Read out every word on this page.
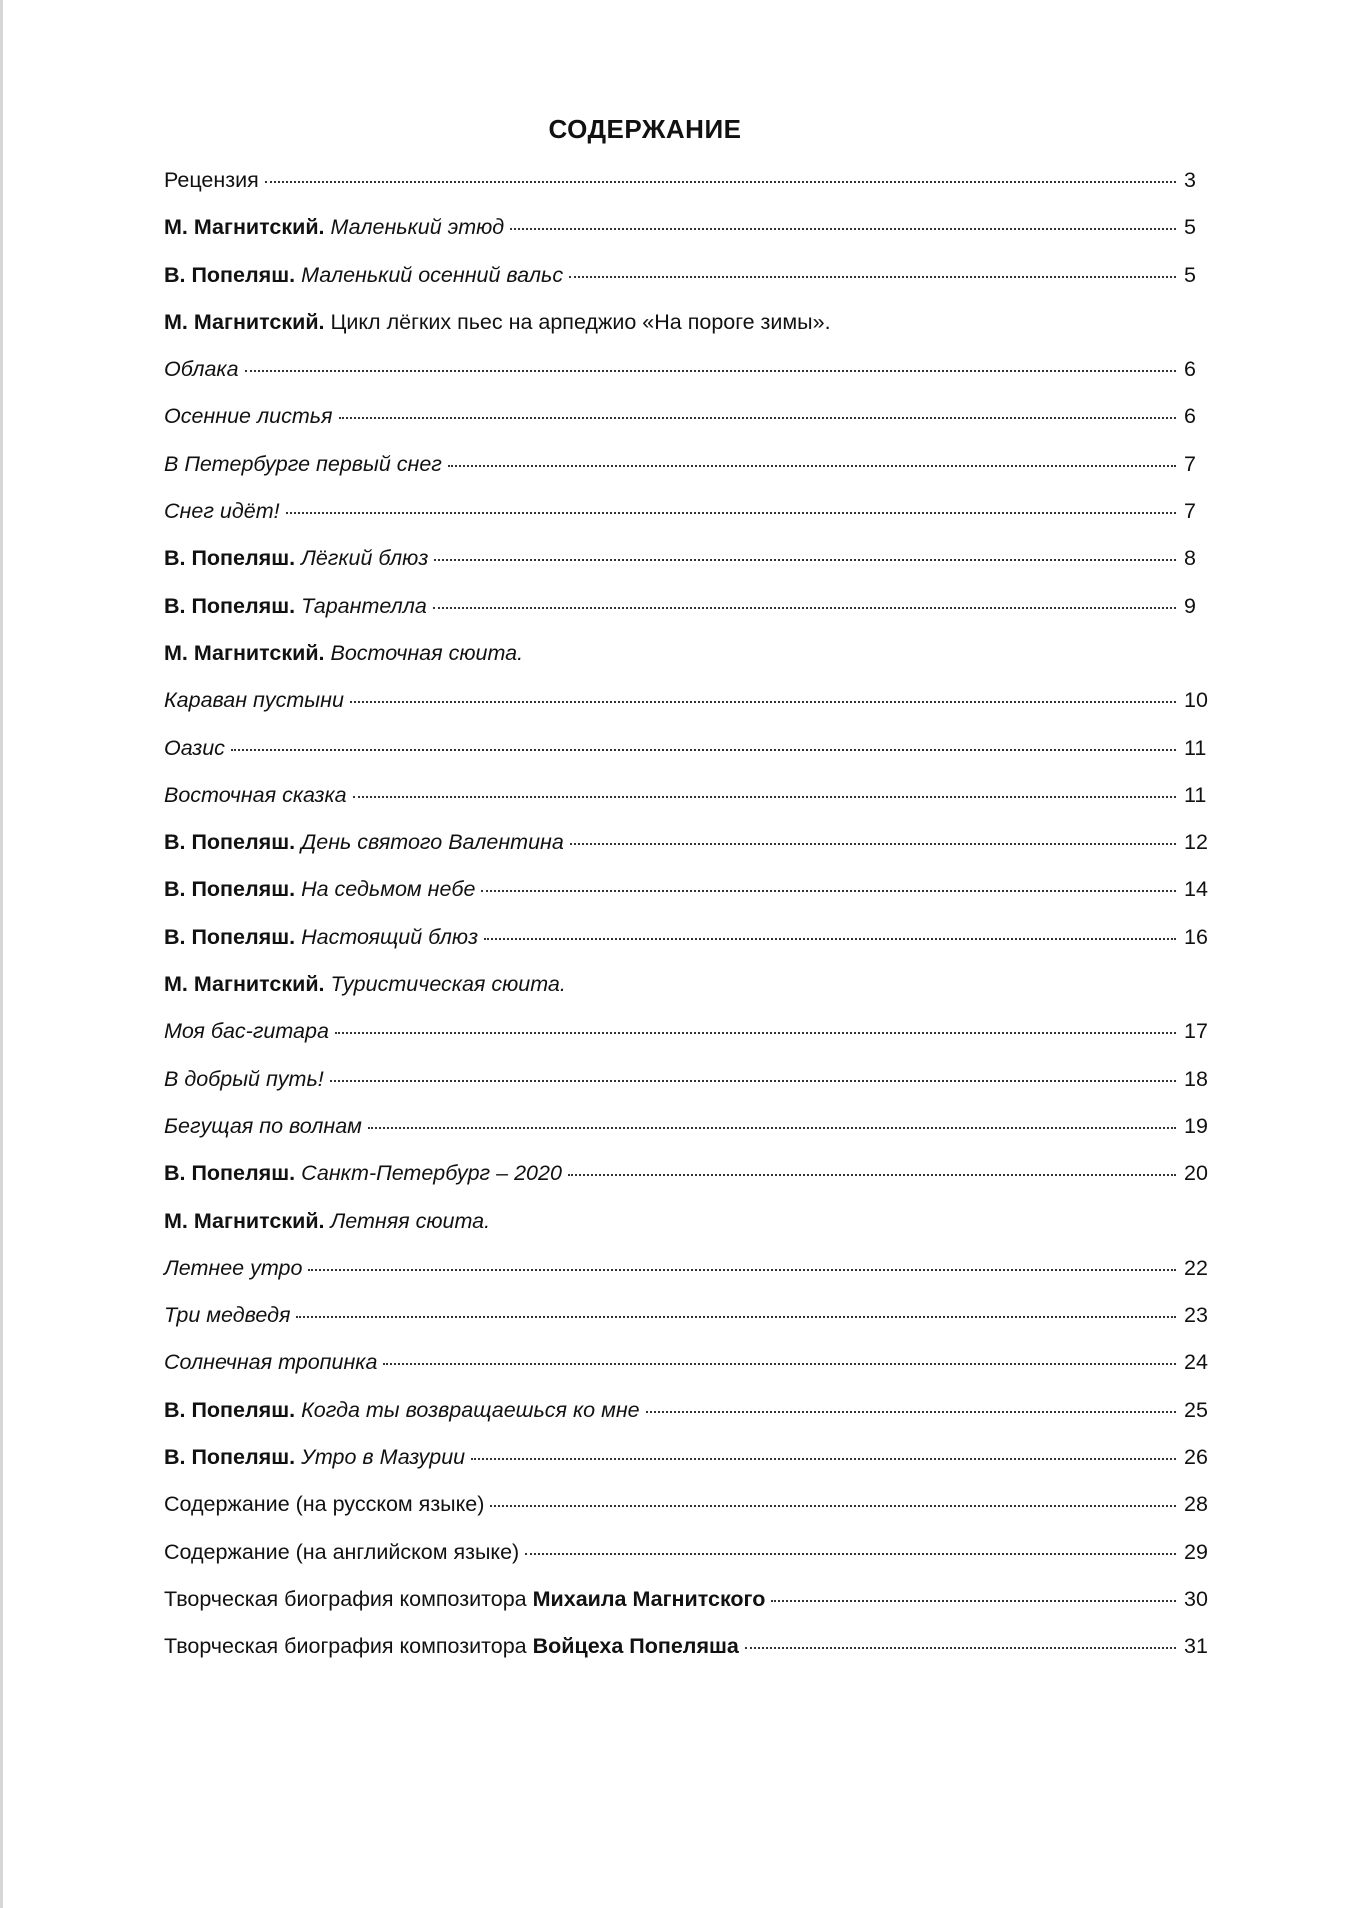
СОДЕРЖАНИЕ
Рецензия	3
М. Магнитский. Маленький этюд	5
В. Попеляш. Маленький осенний вальс	5
М. Магнитский. Цикл лёгких пьес на арпеджио «На пороге зимы».
Облака	6
Осенние листья	6
В Петербурге первый снег	7
Снег идёт!	7
В. Попеляш. Лёгкий блюз	8
В. Попеляш. Тарантелла	9
М. Магнитский. Восточная сюита.
Караван пустыни	10
Оазис	11
Восточная сказка	11
В. Попеляш. День святого Валентина	12
В. Попеляш. На седьмом небе	14
В. Попеляш. Настоящий блюз	16
М. Магнитский. Туристическая сюита.
Моя бас-гитара	17
В добрый путь!	18
Бегущая по волнам	19
В. Попеляш. Санкт-Петербург – 2020	20
М. Магнитский. Летняя сюита.
Летнее утро	22
Три медведя	23
Солнечная тропинка	24
В. Попеляш. Когда ты возвращаешься ко мне	25
В. Попеляш. Утро в Мазурии	26
Содержание (на русском языке)	28
Содержание (на английском языке)	29
Творческая биография композитора Михаила Магнитского	30
Творческая биография композитора Войцеха Попеляша	31
